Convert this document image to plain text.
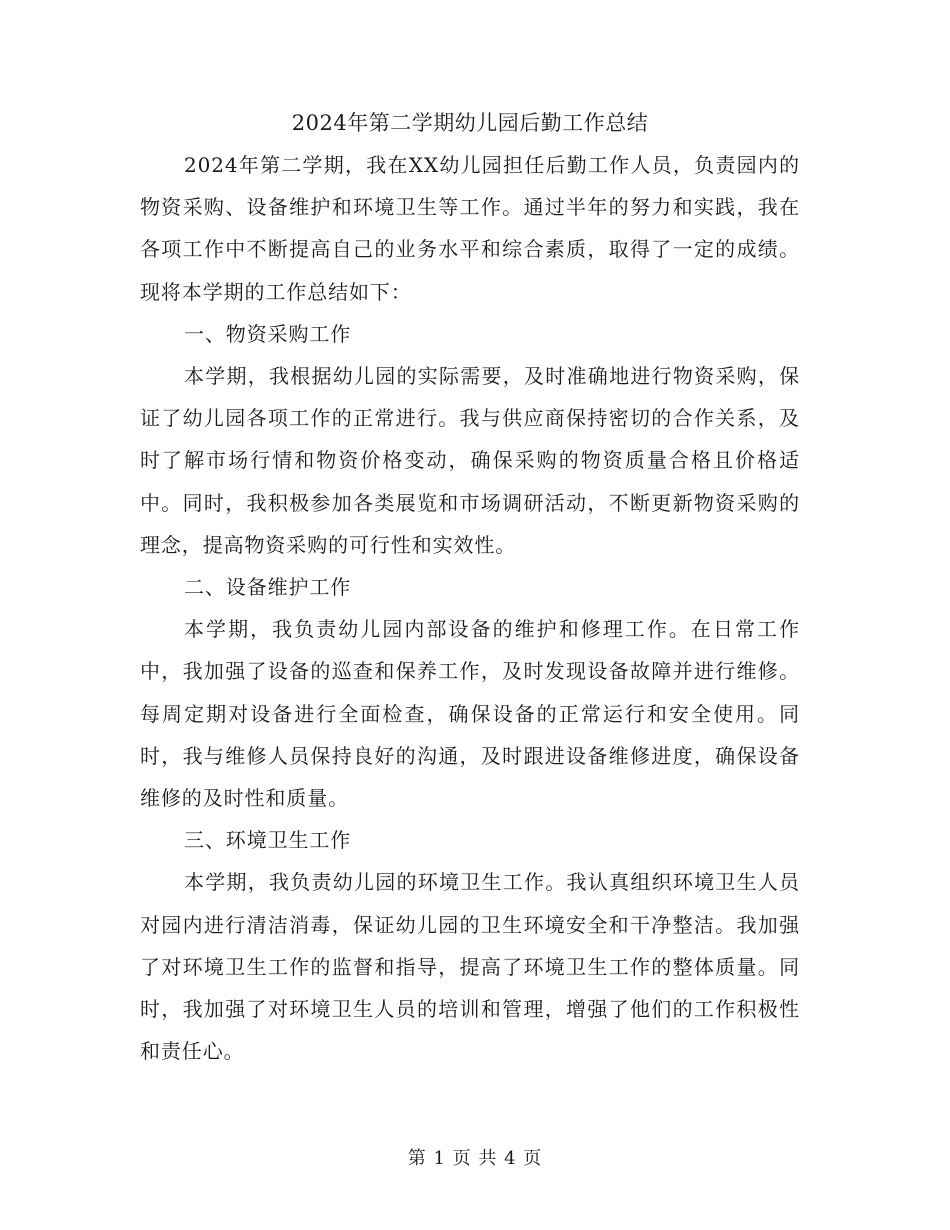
2024年第二学期幼儿园后勤工作总结

2024年第二学期，我在XX幼儿园担任后勤工作人员，负责园内的物资采购、设备维护和环境卫生等工作。通过半年的努力和实践，我在各项工作中不断提高自己的业务水平和综合素质，取得了一定的成绩。现将本学期的工作总结如下：

一、物资采购工作

本学期，我根据幼儿园的实际需要，及时准确地进行物资采购，保证了幼儿园各项工作的正常进行。我与供应商保持密切的合作关系，及时了解市场行情和物资价格变动，确保采购的物资质量合格且价格适中。同时，我积极参加各类展览和市场调研活动，不断更新物资采购的理念，提高物资采购的可行性和实效性。

二、设备维护工作

本学期，我负责幼儿园内部设备的维护和修理工作。在日常工作中，我加强了设备的巡查和保养工作，及时发现设备故障并进行维修。每周定期对设备进行全面检查，确保设备的正常运行和安全使用。同时，我与维修人员保持良好的沟通，及时跟进设备维修进度，确保设备维修的及时性和质量。

三、环境卫生工作

本学期，我负责幼儿园的环境卫生工作。我认真组织环境卫生人员对园内进行清洁消毒，保证幼儿园的卫生环境安全和干净整洁。我加强了对环境卫生工作的监督和指导，提高了环境卫生工作的整体质量。同时，我加强了对环境卫生人员的培训和管理，增强了他们的工作积极性和责任心。

第 1 页 共 4 页
